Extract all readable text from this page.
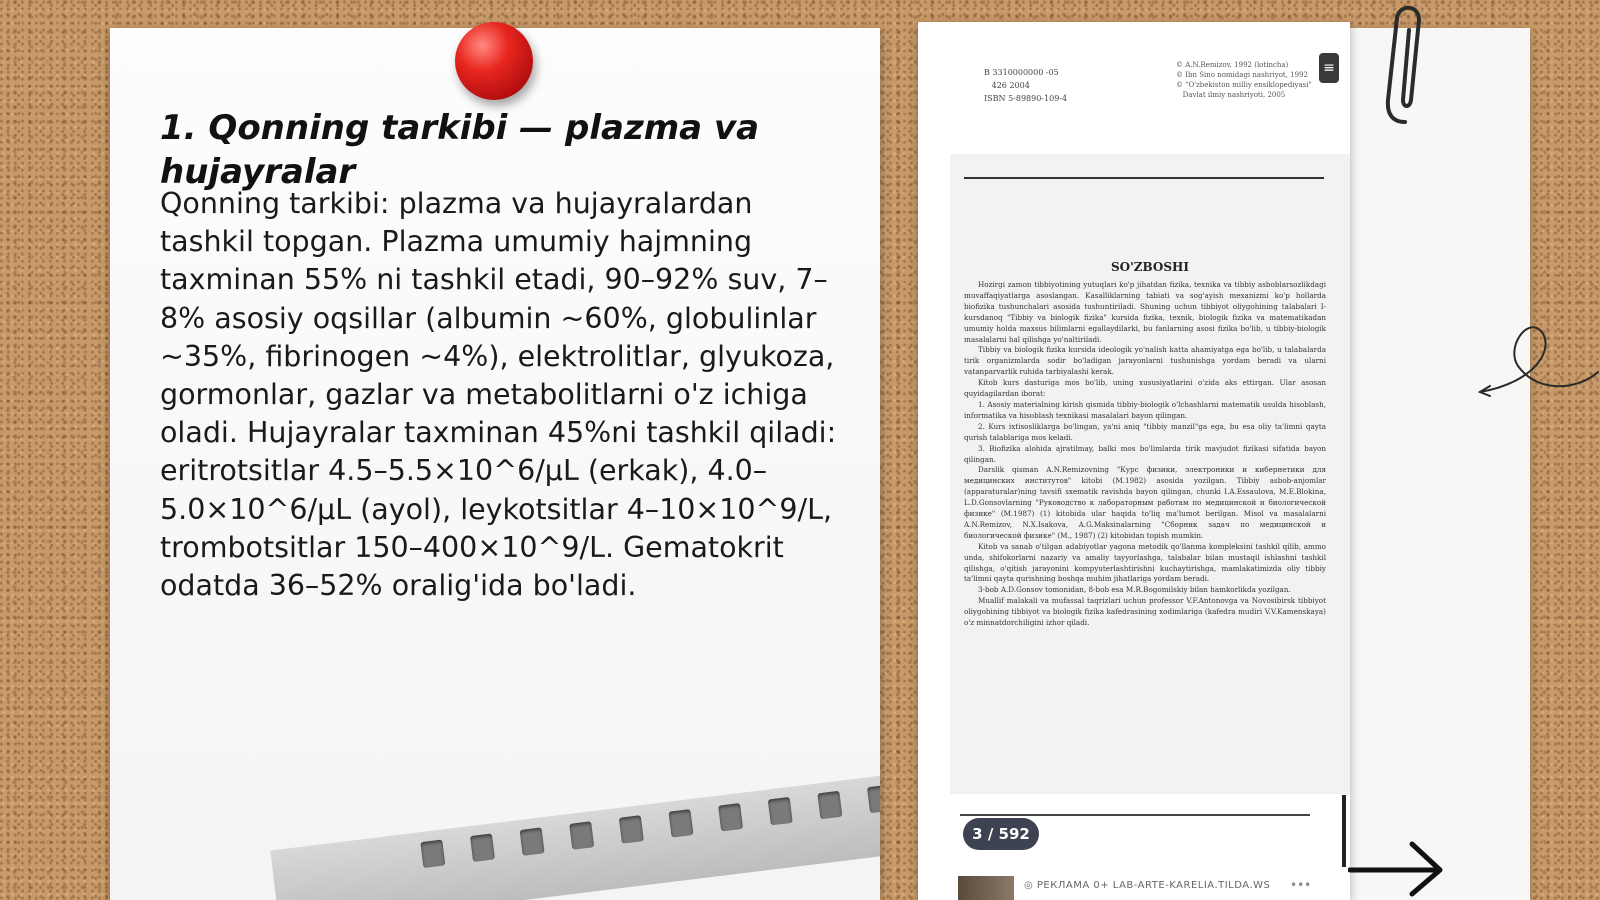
1. Qonning tarkibi — plazma va hujayralar

Qonning tarkibi: plazma va hujayralardan tashkil topgan. Plazma umumiy hajmning taxminan 55% ni tashkil etadi, 90–92% suv, 7–8% asosiy oqsillar (albumin ~60%, globulinlar ~35%, fibrinogen ~4%), elektrolitlar, glyukoza, gormonlar, gazlar va metabolitlarni o'z ichiga oladi. Hujayralar taxminan 45%ni tashkil qiladi: eritrotsitlar 4.5–5.5×10^6/μL (erkak), 4.0–5.0×10^6/μL (ayol), leykotsitlar 4–10×10^9/L, trombotsitlar 150–400×10^9/L. Gematokrit odatda 36–52% oralig'ida bo'ladi.

B 3310000000 -05
426 2004
ISBN 5-89890-109-4
© A.N.Remizov, 1992 (lotincha)
© Ibn Sino nomidagi nashriyot, 1992
© "O'zbekiston milliy ensiklopediyasi"
Davlat ilmiy nashriyoti, 2005
≡
SO'ZBOSHI

Hozirgi zamon tibbiyotining yutuqlari ko'p jihatdan fizika, texnika va tibbiy asboblarsozlikdagi muvaffaqiyatlarga asoslangan. Kasalliklarning tabiati va sog'ayish mexanizmi ko'p hollarda biofizika tushunchalari asosida tushuntiriladi. Shuning uchun tibbiyot oliygohining talabalari I-kursdanoq "Tibbiy va biologik fizika" kursida fizika, texnik, biologik fizika va matematikadan umumiy holda maxsus bilimlarni egallaydilarki, bu fanlarning asosi fizika bo'lib, u tibbiy-biologik masalalarni hal qilishga yo'naltiriladi.

Tibbiy va biologik fizika kursida ideologik yo'nalish katta ahamiyatga ega bo'lib, u talabalarda tirik organizmlarda sodir bo'ladigan jarayonlarni tushunishga yordam beradi va ularni vatanparvarlik ruhida tarbiyalashi kerak.

Kitob kurs dasturiga mos bo'lib, uning xususiyatlarini o'zida aks ettirgan. Ular asosan quyidagilardan iborat:

1. Asosiy materialning kirish qismida tibbiy-biologik o'lchashlarni matematik usulda hisoblash, informatika va hisoblash texnikasi masalalari bayon qilingan.

2. Kurs ixtisosliklarga bo'lingan, ya'ni aniq "tibbiy manzil"ga ega, bu esa oliy ta'limni qayta qurish talablariga mos keladi.

3. Biofizika alohida ajratilmay, balki mos bo'limlarda tirik mavjudot fizikasi sifatida bayon qilingan.

Darslik qisman A.N.Remizovning "Курс физики, электроники и кибернетики для медицинских институтов" kitobi (M.1982) asosida yozilgan. Tibbiy asbob-anjomlar (apparaturalar)ning tavsifi sxematik ravishda bayon qilingan, chunki I.A.Essaulova, M.E.Blokina, L.D.Gonsovlarning "Руководство к лабораторным работам по медицинской и биологической физике" (M.1987) (1) kitobida ular haqida to'liq ma'lumot berilgan. Misol va masalalarni A.N.Remizov, N.X.Isakova, A.G.Maksinalarning "Сборник задач по медицинской и биологической физике" (M., 1987) (2) kitobidan topish mumkin.

Kitob va sanab o'tilgan adabiyotlar yagona metodik qo'llanma kompleksini tashkil qilib, ammo unda, shifokorlarni nazariy va amaliy tayyorlashga, talabalar bilan mustaqil ishlashni tashkil qilishga, o'qitish jarayonini kompyuterlashtirishni kuchaytirishga, mamlakatimizda oliy tibbiy ta'limni qayta qurishning boshqa muhim jihatlariga yordam beradi.

3-bob A.D.Gonsov tomonidan, 8-bob esa M.R.Bogomilskiy bilan hamkorlikda yozilgan.

Muallif malakali va mufassal taqrizlari uchun professor V.F.Antonovga va Novosibirsk tibbiyot oliygohining tibbiyot va biologik fizika kafedrasining xodimlariga (kafedra mudiri V.V.Kamenskaya) o'z minnatdorchiligini izhor qiladi.

3 / 592
◎ РЕКЛАМА 0+ LAB-ARTE-KARELIA.TILDA.WS •••
